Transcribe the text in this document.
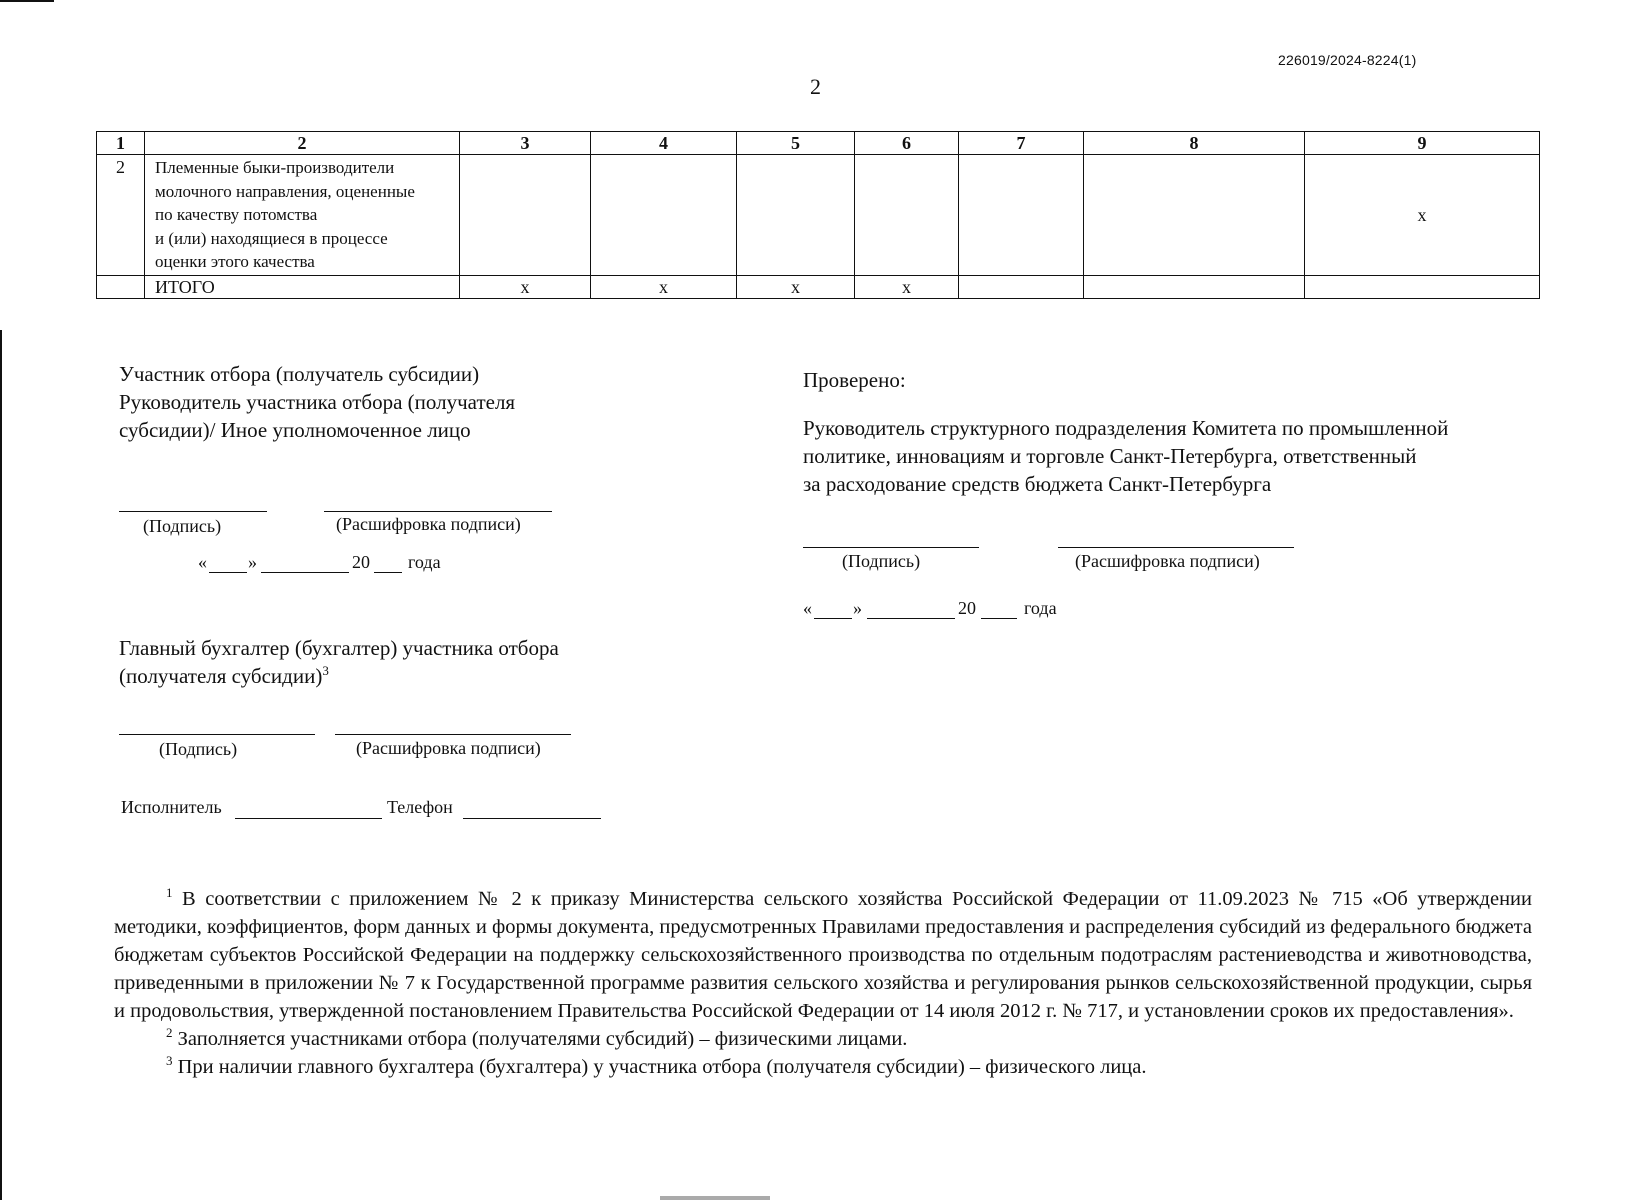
226019/2024-8224(1)
2
1	2	3	4	5	6	7	8	9
2	Племенные быки-производители
молочного направления, оцененные
по качеству потомства
и (или) находящиеся в процессе
оценки этого качества							x
	ИТОГО	x	x	x	x			
Участник отбора (получатель субсидии)
Руководитель участника отбора (получателя
субсидии)/ Иное уполномоченное лицо
(Подпись)	(Расшифровка подписи)
« »	20 года
Проверено:
Руководитель структурного подразделения Комитета по промышленной
политике, инновациям и торговле Санкт-Петербурга, ответственный
за расходование средств бюджета Санкт-Петербурга
(Подпись)	(Расшифровка подписи)
« »	20	года
Главный бухгалтер (бухгалтер) участника отбора
(получателя субсидии)$^3$
(Подпись)	(Расшифровка подписи)
Исполнитель	Телефон

$^1$ В соответствии с приложением № 2 к приказу Министерства сельского хозяйства Российской Федерации от 11.09.2023 № 715 «Об утверждении методики, коэффициентов, форм данных и формы документа, предусмотренных Правилами предоставления и распределения субсидий из федерального бюджета бюджетам субъектов Российской Федерации на поддержку сельскохозяйственного производства по отдельным подотраслям растениеводства и животноводства, приведенными в приложении № 7 к Государственной программе развития сельского хозяйства и регулирования рынков сельскохозяйственной продукции, сырья и продовольствия, утвержденной постановлением Правительства Российской Федерации от 14 июля 2012 г. № 717, и установлении сроков их предоставления».

$^2$ Заполняется участниками отбора (получателями субсидий) – физическими лицами.

$^3$ При наличии главного бухгалтера (бухгалтера) у участника отбора (получателя субсидии) – физического лица.
